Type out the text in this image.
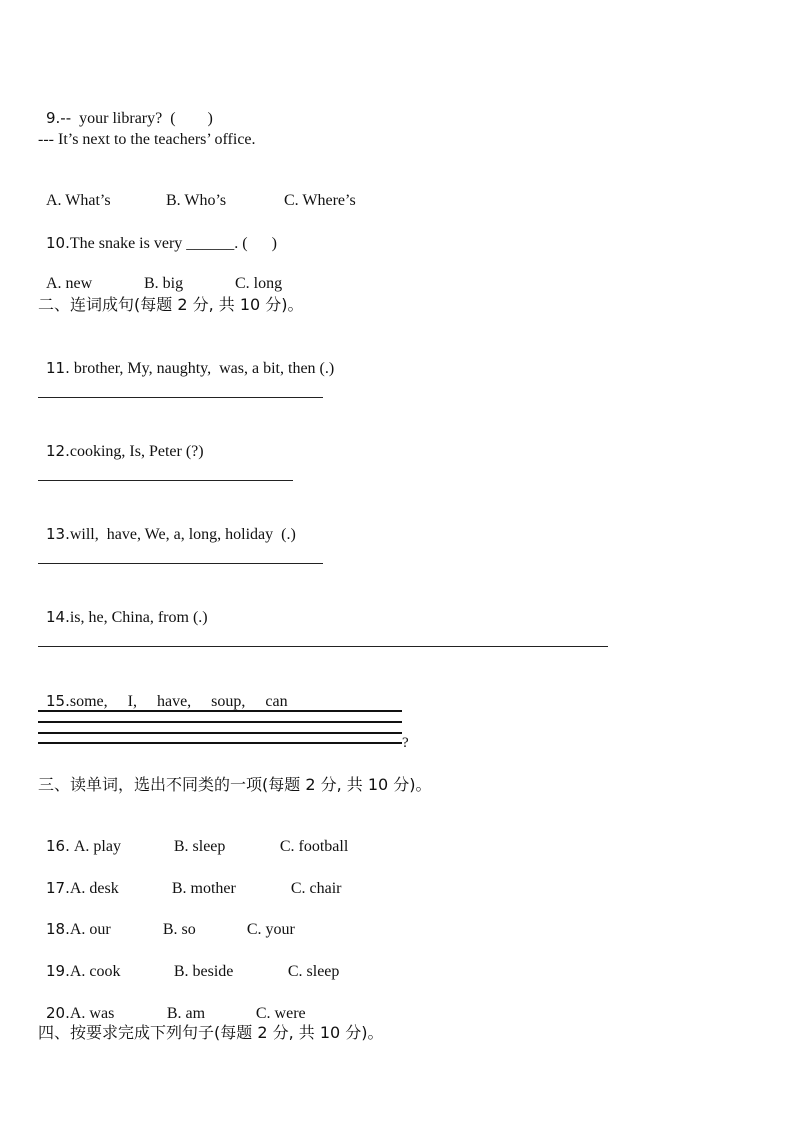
9.--  your library?  (        )

--- It’s next to the teachers’ office.

A. What’s	B. Who’s	C. Where’s

10.The snake is very ______. (      )

A. new	B. big	C. long

二、连词成句(每题 2 分, 共 10 分)。

11. brother, My, naughty,  was, a bit, then (.)

12.cooking, Is, Peter (?)

13.will,  have, We, a, long, holiday  (.)

14.is, he, China, from (.)

15.some,     I,     have,     soup,     can

?
三、读单词，选出不同类的一项(每题 2 分, 共 10 分)。

16. A. play	B. sleep	C. football

17.A. desk	B. mother	C. chair

18.A. our	B. so	C. your

19.A. cook	B. beside	C. sleep

20.A. was	B. am	C. were

四、按要求完成下列句子(每题 2 分, 共 10 分)。
